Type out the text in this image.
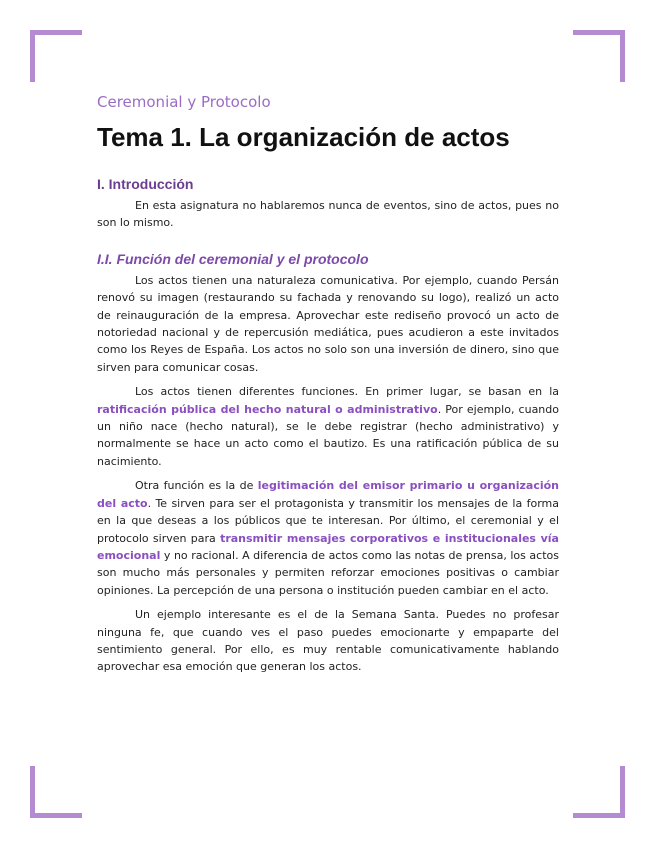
Ceremonial y Protocolo

Tema 1. La organización de actos
I. Introducción

En esta asignatura no hablaremos nunca de eventos, sino de actos, pues no son lo mismo.

I.I. Función del ceremonial y el protocolo

Los actos tienen una naturaleza comunicativa. Por ejemplo, cuando Persán renovó su imagen (restaurando su fachada y renovando su logo), realizó un acto de reinauguración de la empresa. Aprovechar este rediseño provocó un acto de notoriedad nacional y de repercusión mediática, pues acudieron a este invitados como los Reyes de España. Los actos no solo son una inversión de dinero, sino que sirven para comunicar cosas.

Los actos tienen diferentes funciones. En primer lugar, se basan en la ratificación pública del hecho natural o administrativo. Por ejemplo, cuando un niño nace (hecho natural), se le debe registrar (hecho administrativo) y normalmente se hace un acto como el bautizo. Es una ratificación pública de su nacimiento.

Otra función es la de legitimación del emisor primario u organización del acto. Te sirven para ser el protagonista y transmitir los mensajes de la forma en la que deseas a los públicos que te interesan. Por último, el ceremonial y el protocolo sirven para transmitir mensajes corporativos e institucionales vía emocional y no racional. A diferencia de actos como las notas de prensa, los actos son mucho más personales y permiten reforzar emociones positivas o cambiar opiniones. La percepción de una persona o institución pueden cambiar en el acto.

Un ejemplo interesante es el de la Semana Santa. Puedes no profesar ninguna fe, que cuando ves el paso puedes emocionarte y empaparte del sentimiento general. Por ello, es muy rentable comunicativamente hablando aprovechar esa emoción que generan los actos.
